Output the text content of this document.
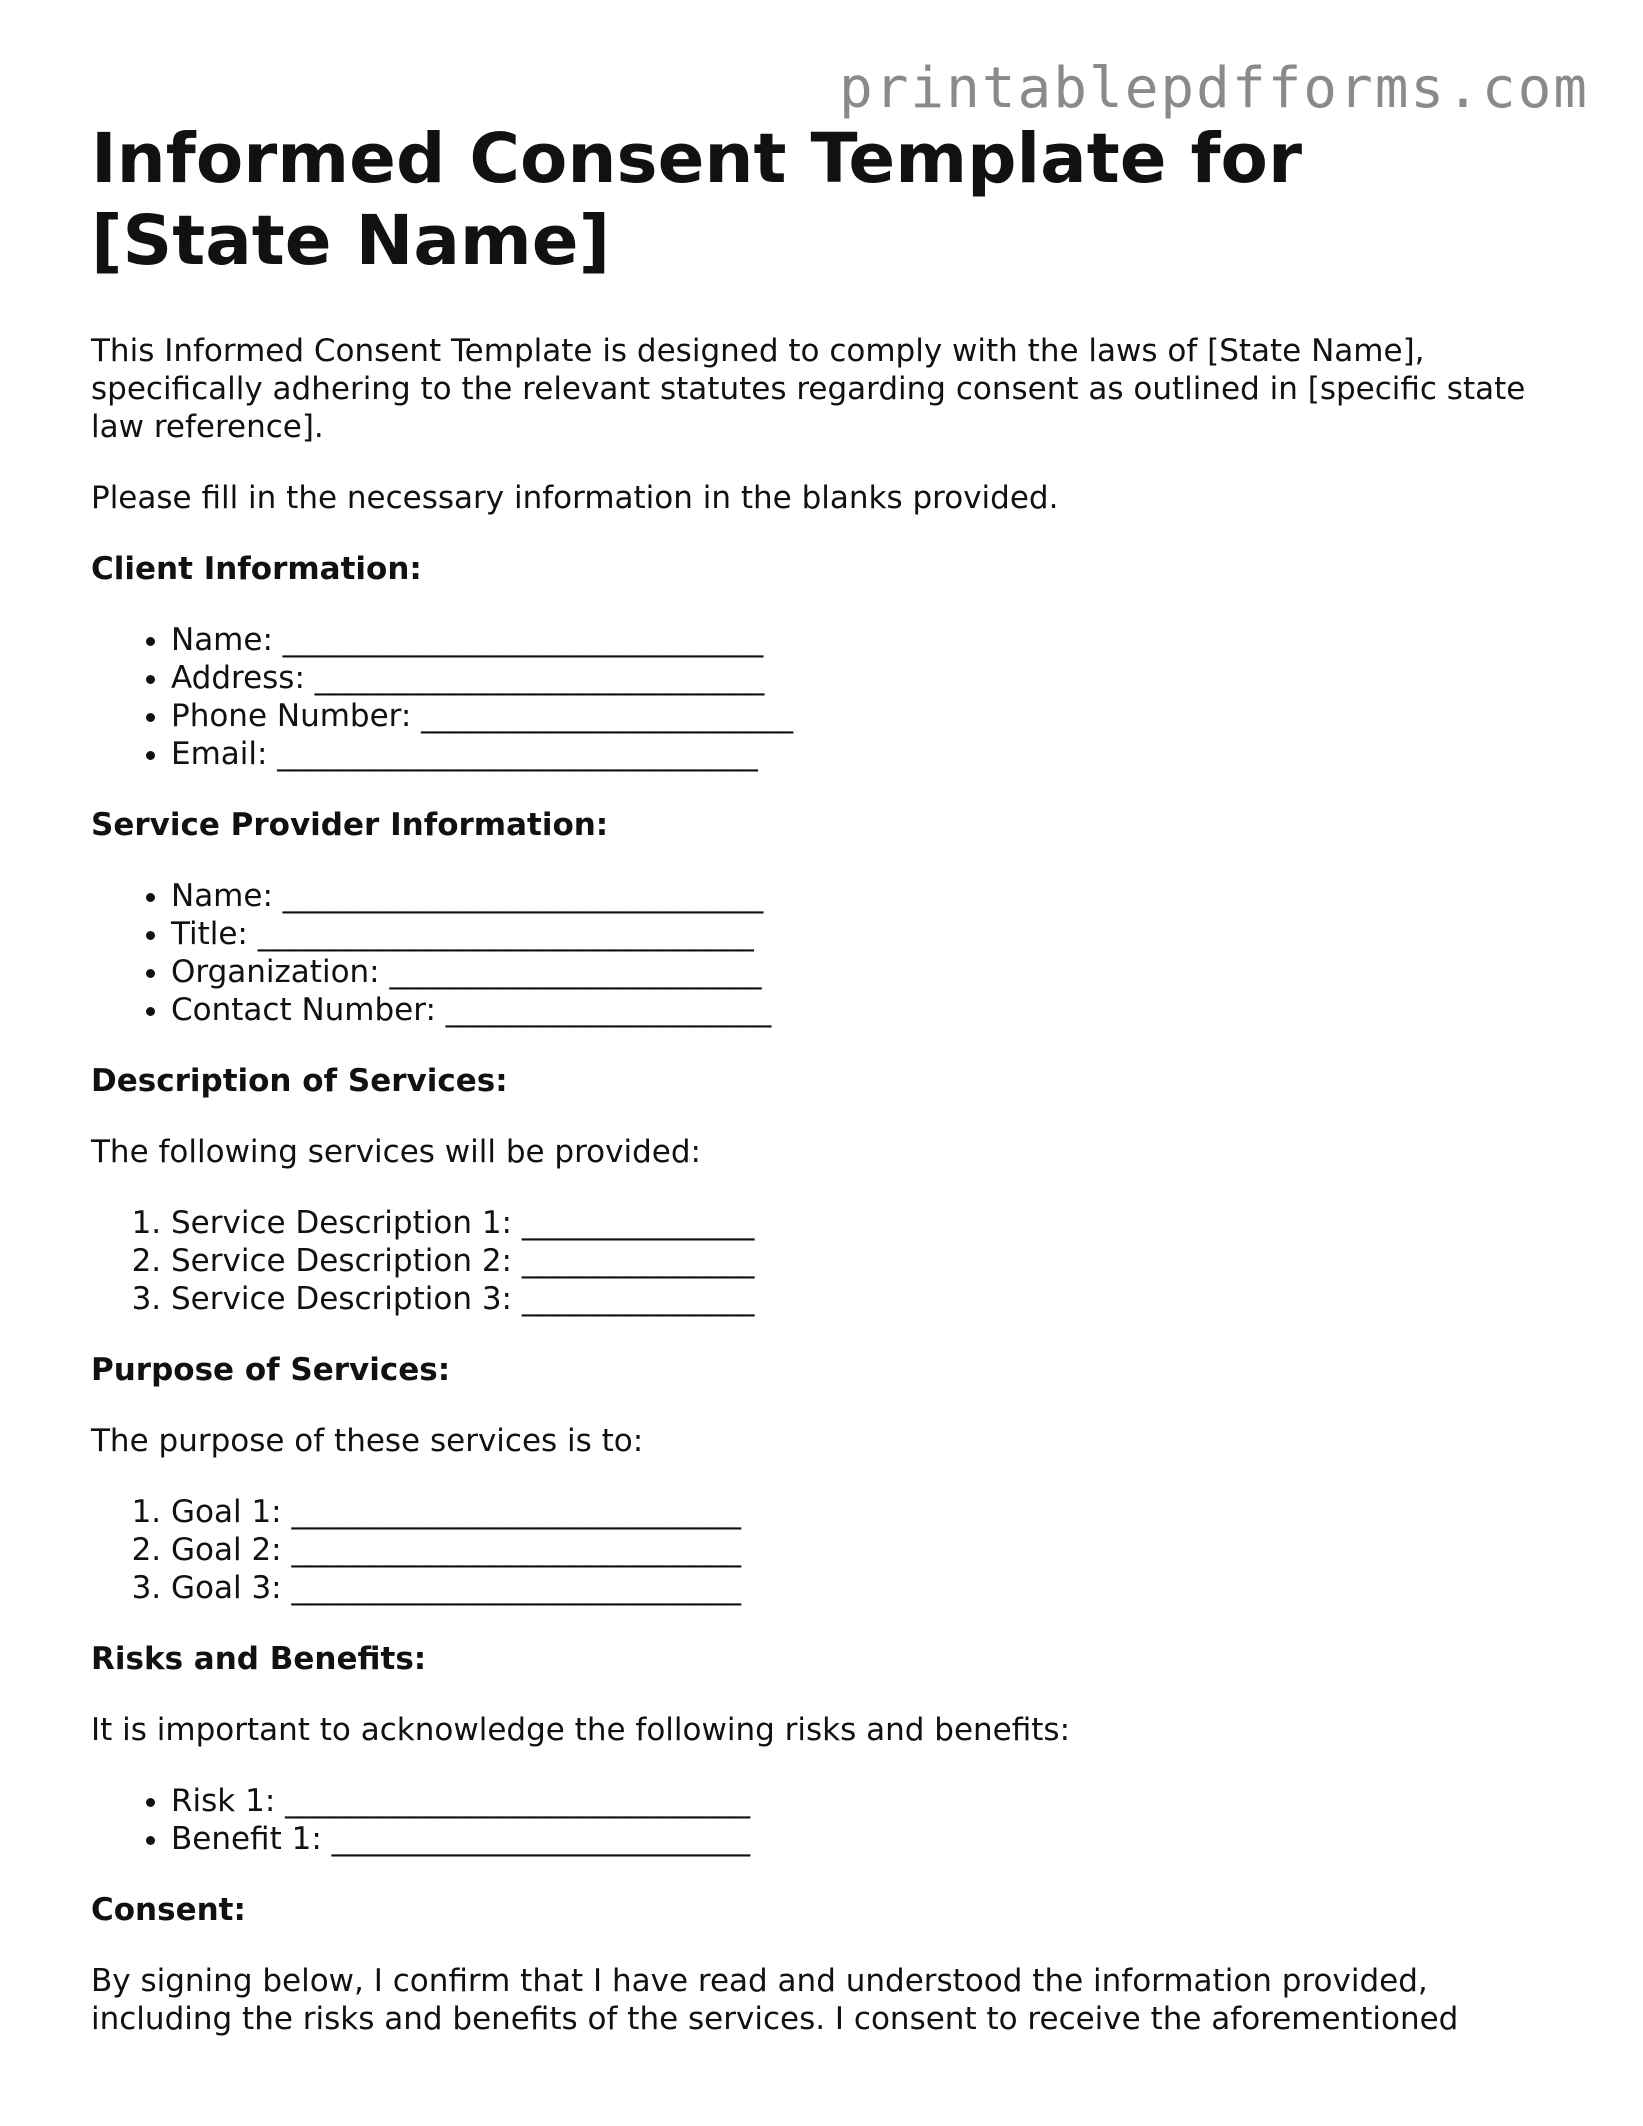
printablepdfforms.com
Informed Consent Template for [State Name]

This Informed Consent Template is designed to comply with the laws of [State Name], specifically adhering to the relevant statutes regarding consent as outlined in [specific state law reference].

Please fill in the necessary information in the blanks provided.

Client Information:
• Name: _______________________________
• Address: _____________________________
• Phone Number: ________________________
• Email: _______________________________
Service Provider Information:
• Name: _______________________________
• Title: ________________________________
• Organization: ________________________
• Contact Number: _____________________
Description of Services:

The following services will be provided:

1. Service Description 1: _______________
2. Service Description 2: _______________
3. Service Description 3: _______________
Purpose of Services:

The purpose of these services is to:

1. Goal 1: _____________________________
2. Goal 2: _____________________________
3. Goal 3: _____________________________
Risks and Benefits:

It is important to acknowledge the following risks and benefits:

• Risk 1: ______________________________
• Benefit 1: ___________________________
Consent:

By signing below, I confirm that I have read and understood the information provided, including the risks and benefits of the services. I consent to receive the aforementioned
